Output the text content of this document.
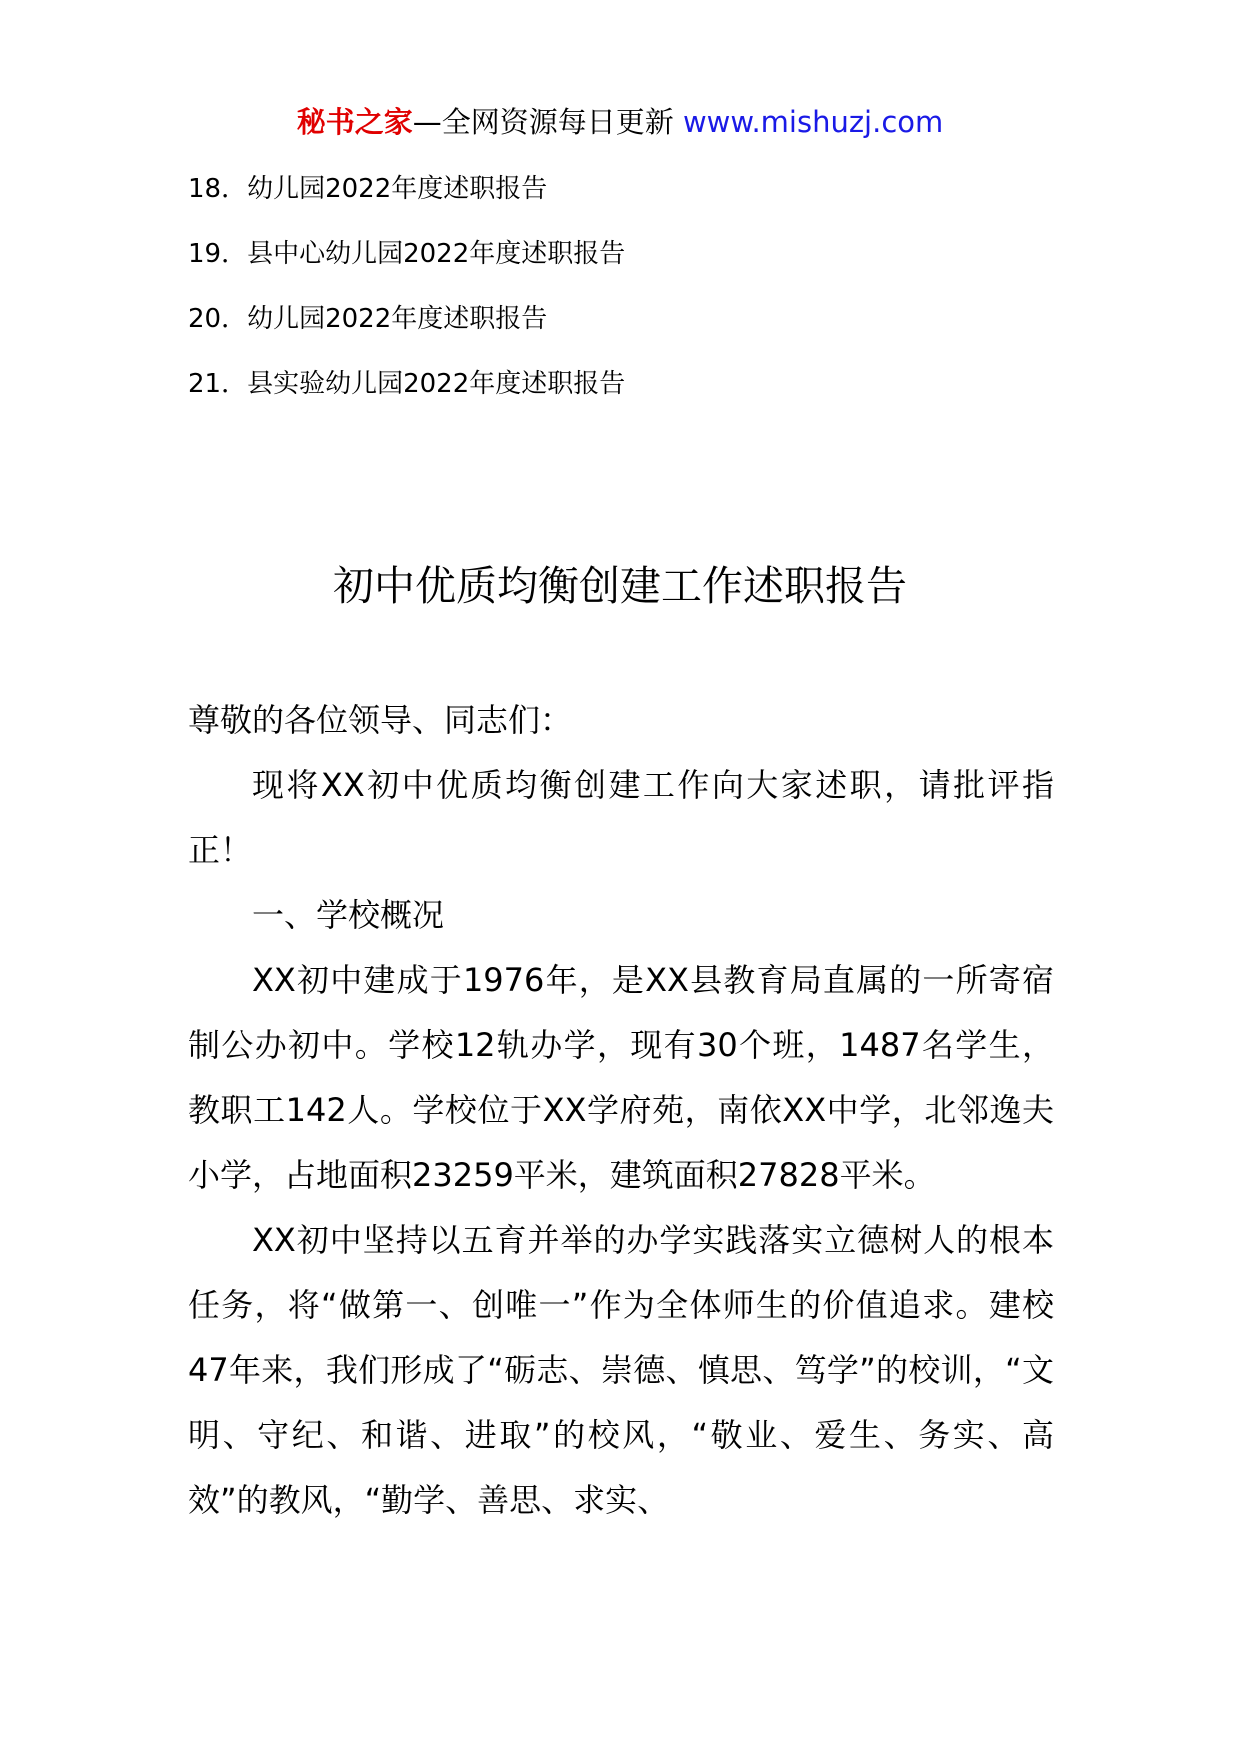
秘书之家—全网资源每日更新 www.mishuzj.com
18．幼儿园2022年度述职报告
19．县中心幼儿园2022年度述职报告
20．幼儿园2022年度述职报告
21．县实验幼儿园2022年度述职报告
初中优质均衡创建工作述职报告

尊敬的各位领导、同志们：

现将XX初中优质均衡创建工作向大家述职，请批评指正！

一、学校概况

XX初中建成于1976年，是XX县教育局直属的一所寄宿制公办初中。学校12轨办学，现有30个班，1487名学生，教职工142人。学校位于XX学府苑，南依XX中学，北邻逸夫小学，占地面积23259平米，建筑面积27828平米。

XX初中坚持以五育并举的办学实践落实立德树人的根本任务，将“做第一、创唯一”作为全体师生的价值追求。建校47年来，我们形成了“砺志、崇德、慎思、笃学”的校训，“文明、守纪、和谐、进取”的校风，“敬业、爱生、务实、高效”的教风，“勤学、善思、求实、
